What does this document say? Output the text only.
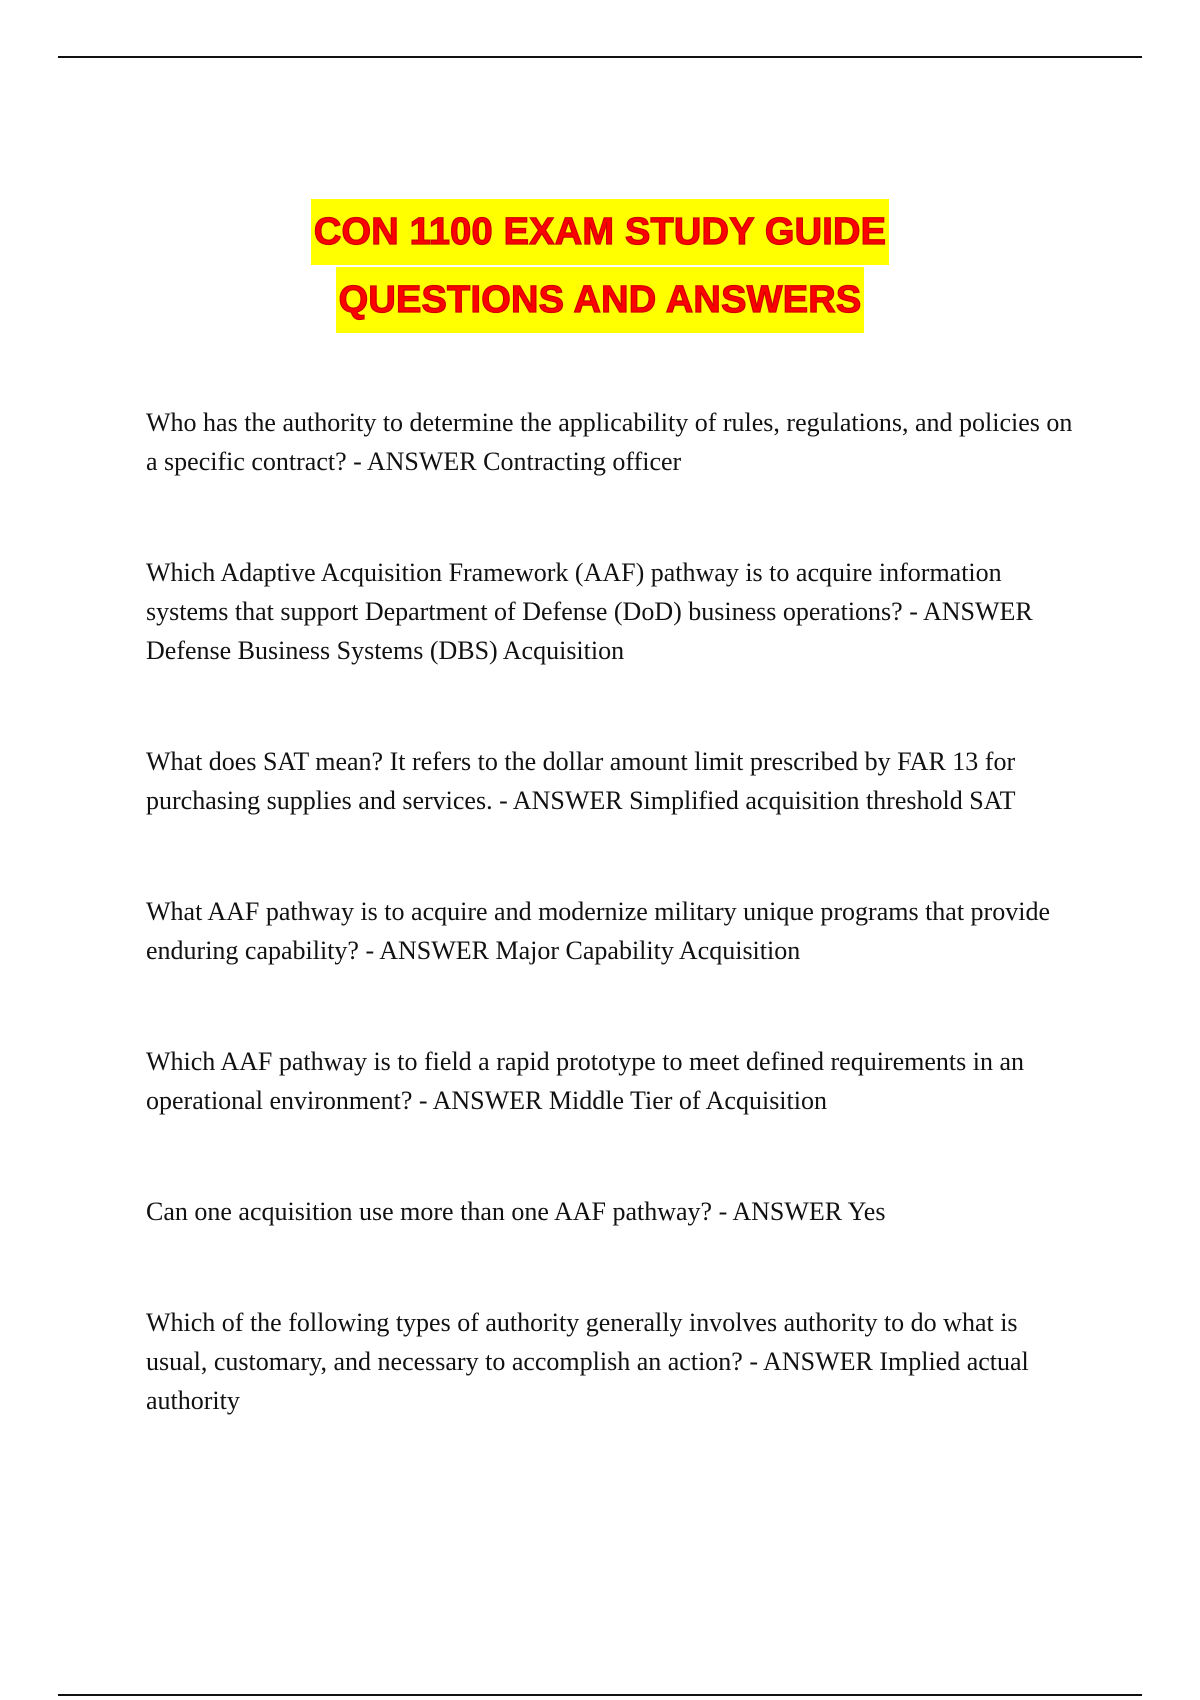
CON 1100 EXAM STUDY GUIDE
QUESTIONS AND ANSWERS

Who has the authority to determine the applicability of rules, regulations, and policies on a specific contract? - ANSWER Contracting officer

Which Adaptive Acquisition Framework (AAF) pathway is to acquire information systems that support Department of Defense (DoD) business operations? - ANSWER Defense Business Systems (DBS) Acquisition

What does SAT mean? It refers to the dollar amount limit prescribed by FAR 13 for purchasing supplies and services. - ANSWER Simplified acquisition threshold SAT

What AAF pathway is to acquire and modernize military unique programs that provide enduring capability? - ANSWER Major Capability Acquisition

Which AAF pathway is to field a rapid prototype to meet defined requirements in an operational environment? - ANSWER Middle Tier of Acquisition

Can one acquisition use more than one AAF pathway? - ANSWER Yes

Which of the following types of authority generally involves authority to do what is usual, customary, and necessary to accomplish an action? - ANSWER Implied actual authority
